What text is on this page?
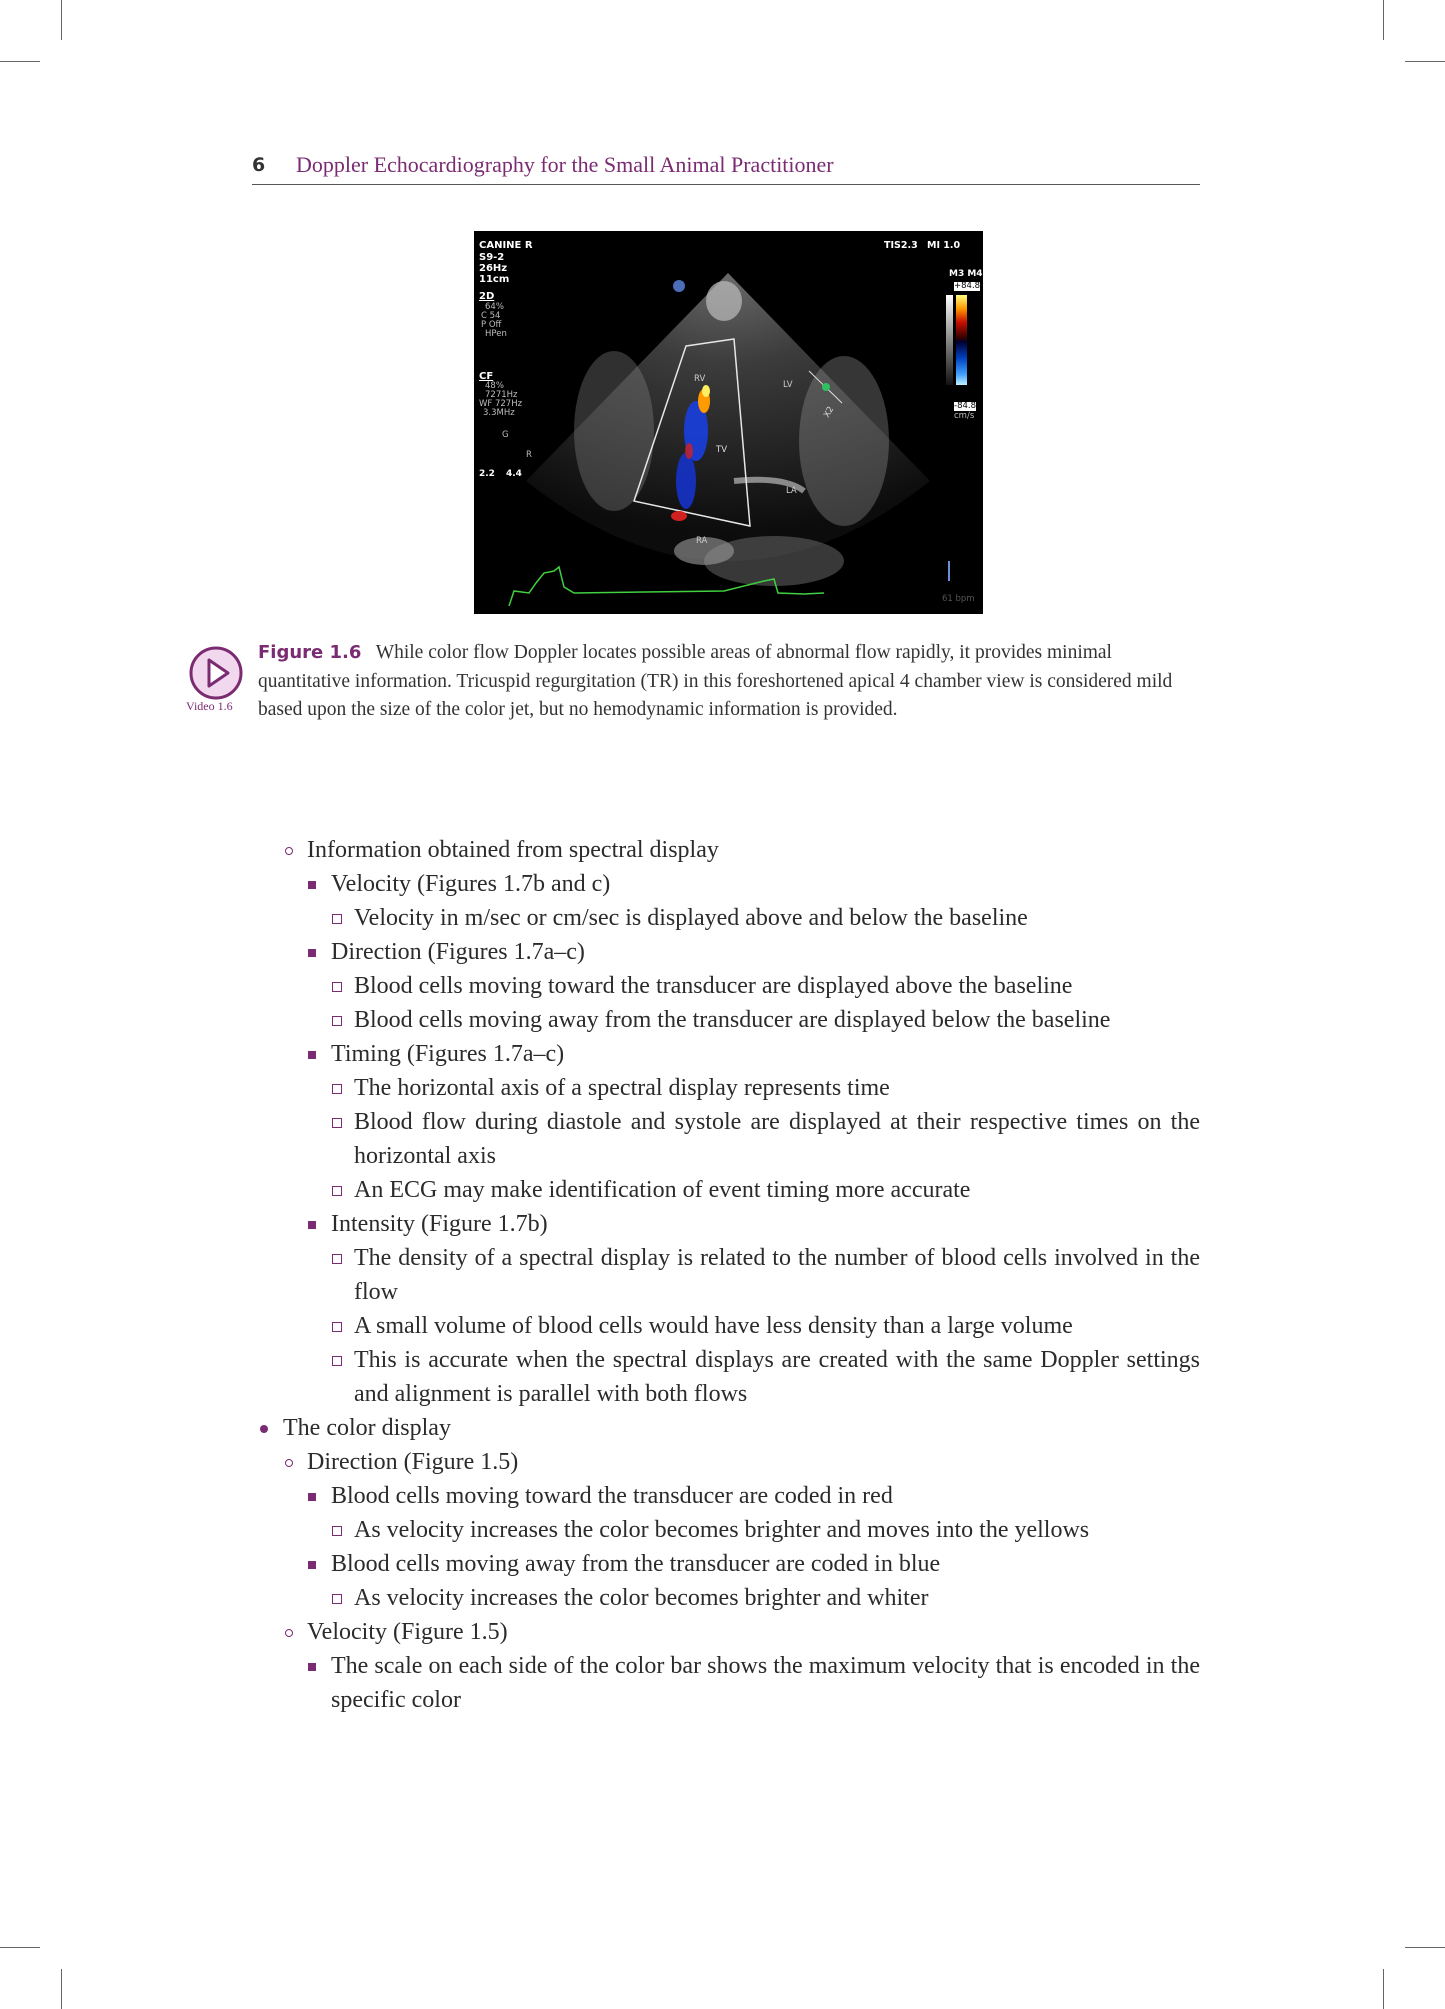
6 Doppler Echocardiography for the Small Animal Practitioner
CANINE R
S9-2
26Hz
11cm
2D
64%
C 54
P Off
HPen
CF
48%
7271Hz
WF 727Hz
3.3MHz
G
R
2.2 4.4
TIS2.3 MI 1.0
M3 M4
+84.8
-84.8
cm/s
61 bpm
RV
LV
TV
LA
RA
X2
Video 1.6
Figure 1.6 While color flow Doppler locates possible areas of abnormal flow rapidly, it provides minimal quantitative information. Tricuspid regurgitation (TR) in this foreshortened apical 4 chamber view is considered mild based upon the size of the color jet, but no hemodynamic information is provided.
Information obtained from spectral display
Velocity (Figures 1.7b and c)
Velocity in m/sec or cm/sec is displayed above and below the baseline
Direction (Figures 1.7a–c)
Blood cells moving toward the transducer are displayed above the baseline
Blood cells moving away from the transducer are displayed below the baseline
Timing (Figures 1.7a–c)
The horizontal axis of a spectral display represents time
Blood flow during diastole and systole are displayed at their respective times on the horizontal axis
An ECG may make identification of event timing more accurate
Intensity (Figure 1.7b)
The density of a spectral display is related to the number of blood cells involved in the flow
A small volume of blood cells would have less density than a large volume
This is accurate when the spectral displays are created with the same Doppler settings and alignment is parallel with both flows
The color display
Direction (Figure 1.5)
Blood cells moving toward the transducer are coded in red
As velocity increases the color becomes brighter and moves into the yellows
Blood cells moving away from the transducer are coded in blue
As velocity increases the color becomes brighter and whiter
Velocity (Figure 1.5)
The scale on each side of the color bar shows the maximum velocity that is encoded in the specific color
